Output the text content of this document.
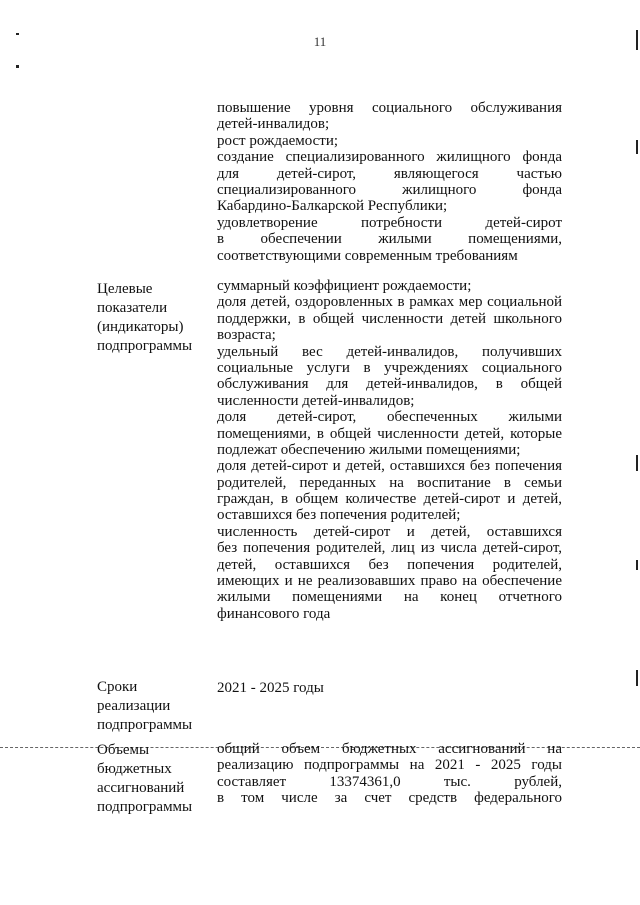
11
повышение уровня социального обслуживания
детей-инвалидов;
рост рождаемости;
создание специализированного жилищного фонда
для детей-сирот, являющегося частью
специализированного жилищного фонда
Кабардино-Балкарской Республики;
удовлетворение потребности детей-сирот
в обеспечении жилыми помещениями,
соответствующими современным требованиям
Целевые
показатели
(индикаторы)
подпрограммы
суммарный коэффициент рождаемости;
доля детей, оздоровленных в рамках мер социальной
поддержки, в общей численности детей школьного
возраста;
удельный вес детей-инвалидов, получивших
социальные услуги в учреждениях социального
обслуживания для детей-инвалидов, в общей
численности детей-инвалидов;
доля детей-сирот, обеспеченных жилыми
помещениями, в общей численности детей, которые
подлежат обеспечению жилыми помещениями;
доля детей-сирот и детей, оставшихся без попечения
родителей, переданных на воспитание в семьи
граждан, в общем количестве детей-сирот и детей,
оставшихся без попечения родителей;
численность детей-сирот и детей, оставшихся
без попечения родителей, лиц из числа детей-сирот,
детей, оставшихся без попечения родителей,
имеющих и не реализовавших право на обеспечение
жилыми помещениями на конец отчетного
финансового года
Сроки
реализации
подпрограммы
2021 - 2025 годы
Объемы
бюджетных
ассигнований
подпрограммы
общий объем бюджетных ассигнований на
реализацию подпрограммы на 2021 - 2025 годы
составляет 13374361,0 тыс. рублей,
в том числе за счет средств федерального
